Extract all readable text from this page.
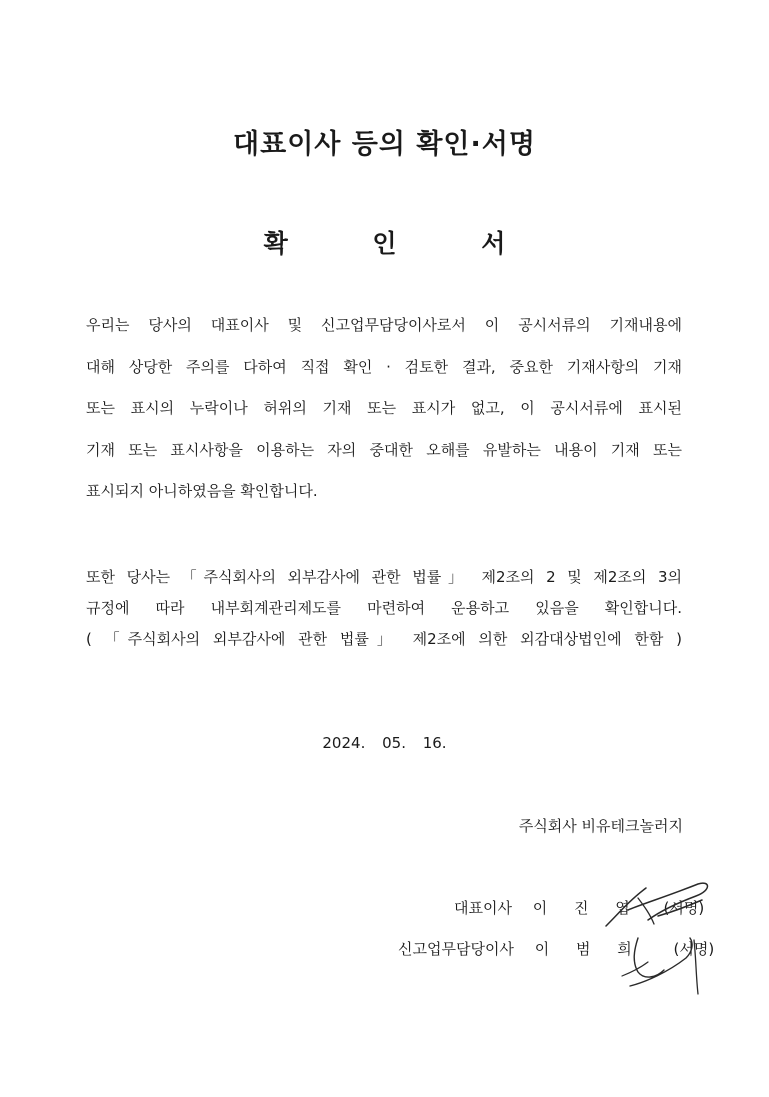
대표이사 등의 확인·서명
확 인 서
우리는 당사의 대표이사 및 신고업무담당이사로서 이 공시서류의 기재내용에
대해 상당한 주의를 다하여 직접 확인 · 검토한 결과, 중요한 기재사항의 기재
또는 표시의 누락이나 허위의 기재 또는 표시가 없고, 이 공시서류에 표시된
기재 또는 표시사항을 이용하는 자의 중대한 오해를 유발하는 내용이 기재 또는
표시되지 아니하였음을 확인합니다.
또한 당사는 「주식회사의 외부감사에 관한 법률」 제2조의 2 및 제2조의 3의
규정에 따라 내부회계관리제도를 마련하여 운용하고 있음을 확인합니다.
( 「주식회사의 외부감사에 관한 법률」 제2조에 의한 외감대상법인에 한함 )
2024. 05. 16.
주식회사 비유테크놀러지
대표이사 이 진 엽 (서명)
신고업무담당이사 이 범 희 (서명)
